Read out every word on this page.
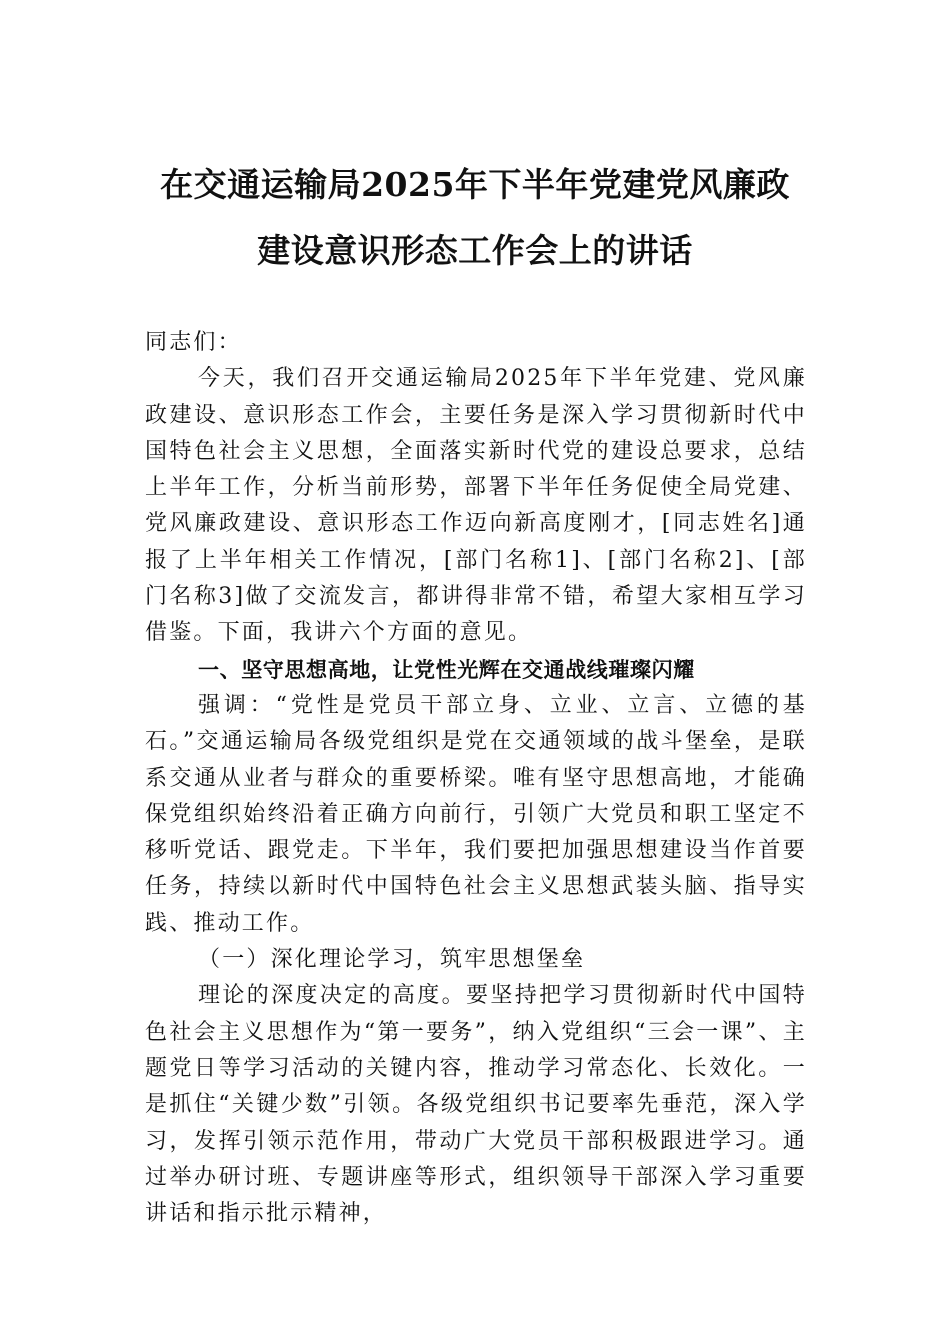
在交通运输局2025年下半年党建党风廉政
建设意识形态工作会上的讲话

同志们：

今天，我们召开交通运输局2025年下半年党建、党风廉政建设、意识形态工作会，主要任务是深入学习贯彻新时代中国特色社会主义思想，全面落实新时代党的建设总要求，总结上半年工作，分析当前形势，部署下半年任务促使全局党建、党风廉政建设、意识形态工作迈向新高度刚才，[同志姓名]通报了上半年相关工作情况，[部门名称1]、[部门名称2]、[部门名称3]做了交流发言，都讲得非常不错，希望大家相互学习借鉴。下面，我讲六个方面的意见。

一、坚守思想高地，让党性光辉在交通战线璀璨闪耀

强调：“党性是党员干部立身、立业、立言、立德的基石。”交通运输局各级党组织是党在交通领域的战斗堡垒，是联系交通从业者与群众的重要桥梁。唯有坚守思想高地，才能确保党组织始终沿着正确方向前行，引领广大党员和职工坚定不移听党话、跟党走。下半年，我们要把加强思想建设当作首要任务，持续以新时代中国特色社会主义思想武装头脑、指导实践、推动工作。

（一）深化理论学习，筑牢思想堡垒

理论的深度决定的高度。要坚持把学习贯彻新时代中国特色社会主义思想作为“第一要务”，纳入党组织“三会一课”、主题党日等学习活动的关键内容，推动学习常态化、长效化。一是抓住“关键少数”引领。各级党组织书记要率先垂范，深入学习，发挥引领示范作用，带动广大党员干部积极跟进学习。通过举办研讨班、专题讲座等形式，组织领导干部深入学习重要讲话和指示批示精神，
